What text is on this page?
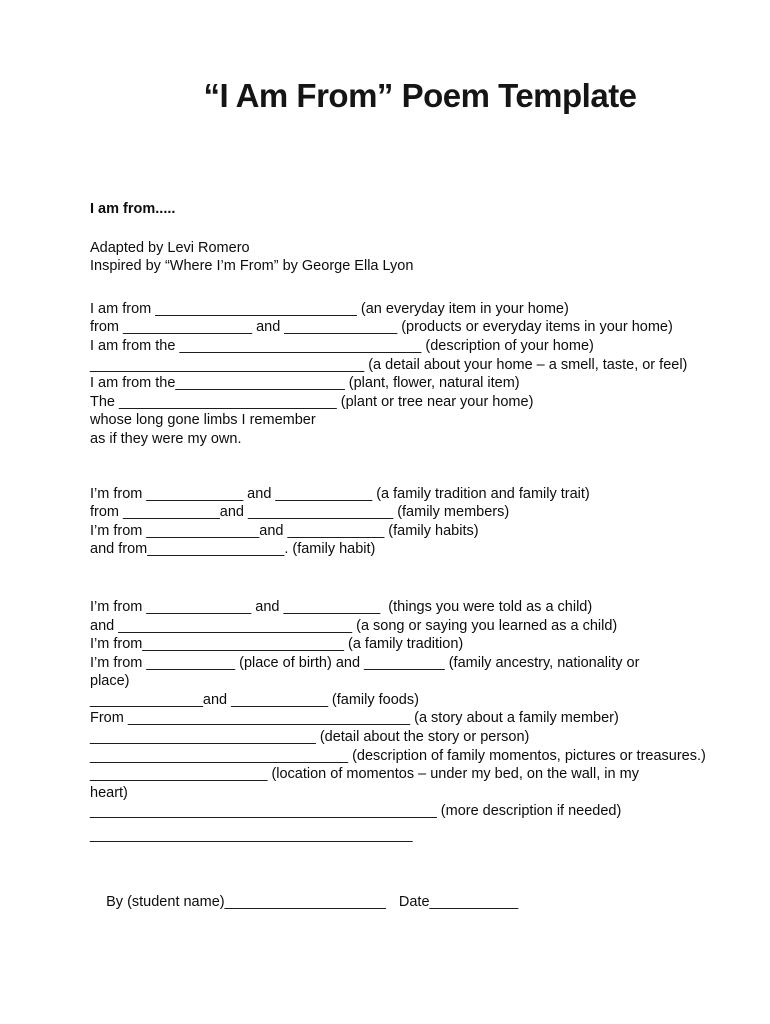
“I Am From” Poem Template

I am from.....

Adapted by Levi Romero

Inspired by “Where I’m From” by George Ella Lyon

I am from _________________________ (an everyday item in your home)

from ________________ and ______________ (products or everyday items in your home)

I am from the ______________________________ (description of your home)

__________________________________ (a detail about your home – a smell, taste, or feel)

I am from the_____________________ (plant, flower, natural item)

The ___________________________ (plant or tree near your home)

whose long gone limbs I remember

as if they were my own.

I’m from ____________ and ____________ (a family tradition and family trait)

from ____________and __________________ (family members)

I’m from ______________and ____________ (family habits)

and from_________________. (family habit)

I’m from _____________ and ____________  (things you were told as a child)

and _____________________________ (a song or saying you learned as a child)

I’m from_________________________ (a family tradition)

I’m from ___________ (place of birth) and __________ (family ancestry, nationality or

place)

______________and ____________ (family foods)

From ___________________________________ (a story about a family member)

____________________________ (detail about the story or person)

________________________________ (description of family momentos, pictures or treasures.)

______________________ (location of momentos – under my bed, on the wall, in my

heart)

___________________________________________ (more description if needed)

________________________________________

By (student name)____________________ Date___________
